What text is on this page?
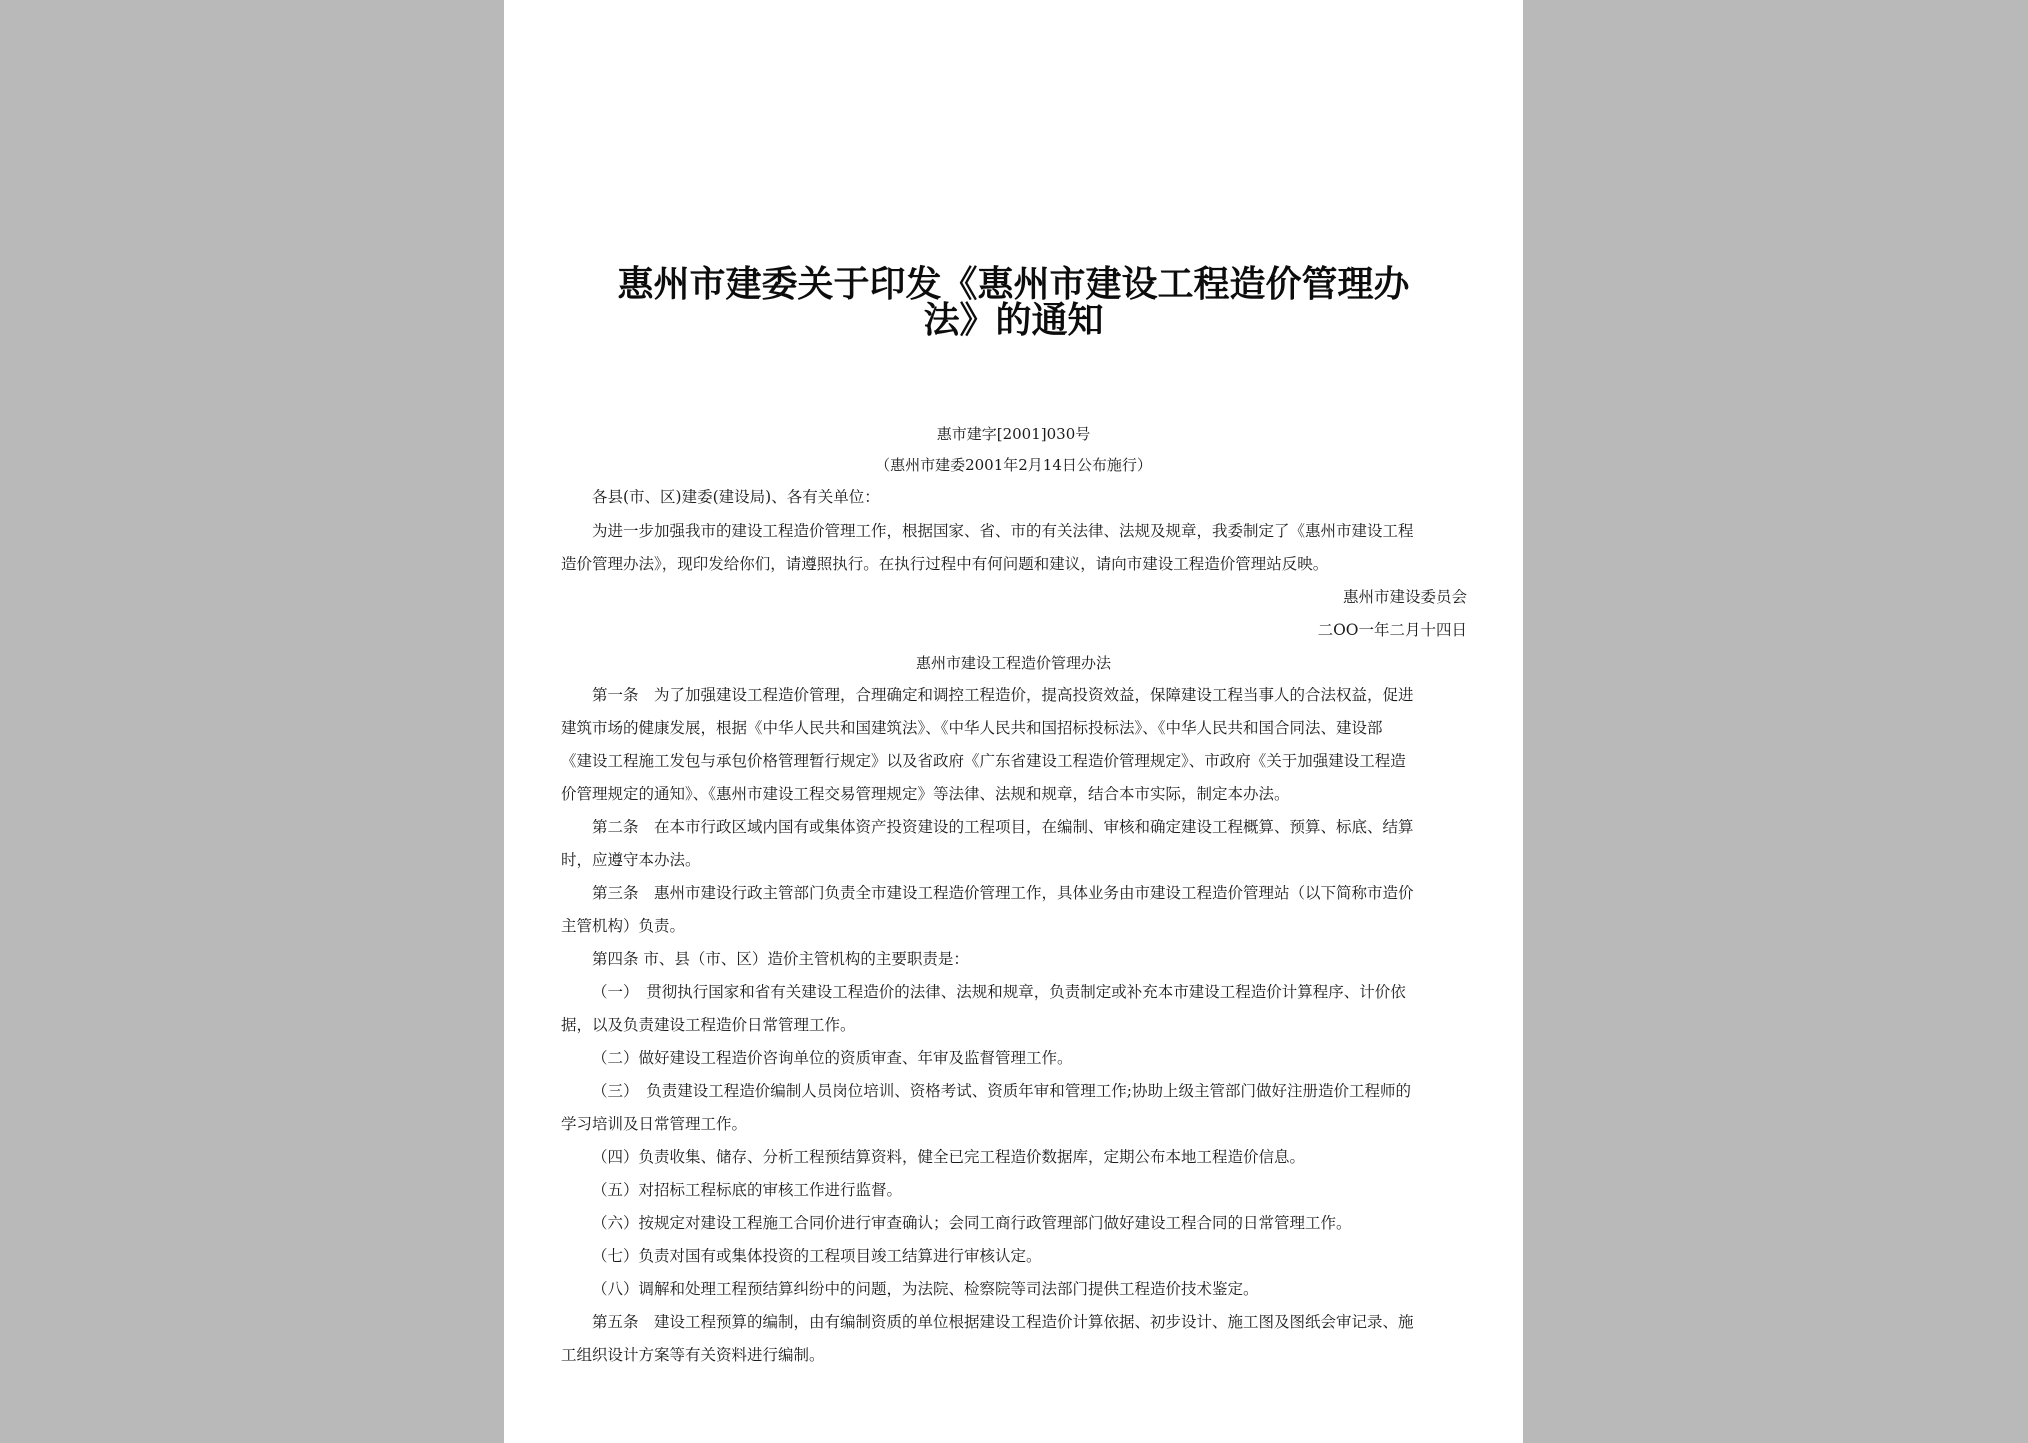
惠州市建委关于印发《惠州市建设工程造价管理办
法》的通知
惠市建字[2001]030号
（惠州市建委2001年2月14日公布施行）
各县(市、区)建委(建设局)、各有关单位：
为进一步加强我市的建设工程造价管理工作，根据国家、省、市的有关法律、法规及规章，我委制定了《惠州市建设工程
造价管理办法》，现印发给你们，请遵照执行。在执行过程中有何问题和建议，请向市建设工程造价管理站反映。
惠州市建设委员会
二OO一年二月十四日
惠州市建设工程造价管理办法
第一条　为了加强建设工程造价管理，合理确定和调控工程造价，提高投资效益，保障建设工程当事人的合法权益，促进
建筑市场的健康发展，根据《中华人民共和国建筑法》、《中华人民共和国招标投标法》、《中华人民共和国合同法、建设部
《建设工程施工发包与承包价格管理暂行规定》以及省政府《广东省建设工程造价管理规定》、市政府《关于加强建设工程造
价管理规定的通知》、《惠州市建设工程交易管理规定》等法律、法规和规章，结合本市实际，制定本办法。
第二条　在本市行政区域内国有或集体资产投资建设的工程项目，在编制、审核和确定建设工程概算、预算、标底、结算
时，应遵守本办法。
第三条　惠州市建设行政主管部门负责全市建设工程造价管理工作，具体业务由市建设工程造价管理站（以下简称市造价
主管机构）负责。
第四条 市、县（市、区）造价主管机构的主要职责是：
（一）　贯彻执行国家和省有关建设工程造价的法律、法规和规章，负责制定或补充本市建设工程造价计算程序、计价依
据，以及负责建设工程造价日常管理工作。
（二）做好建设工程造价咨询单位的资质审查、年审及监督管理工作。
（三）　负责建设工程造价编制人员岗位培训、资格考试、资质年审和管理工作;协助上级主管部门做好注册造价工程师的
学习培训及日常管理工作。
（四）负责收集、储存、分析工程预结算资料，健全已完工程造价数据库，定期公布本地工程造价信息。
（五）对招标工程标底的审核工作进行监督。
（六）按规定对建设工程施工合同价进行审查确认；会同工商行政管理部门做好建设工程合同的日常管理工作。
（七）负责对国有或集体投资的工程项目竣工结算进行审核认定。
（八）调解和处理工程预结算纠纷中的问题，为法院、检察院等司法部门提供工程造价技术鉴定。
第五条　建设工程预算的编制，由有编制资质的单位根据建设工程造价计算依据、初步设计、施工图及图纸会审记录、施
工组织设计方案等有关资料进行编制。
